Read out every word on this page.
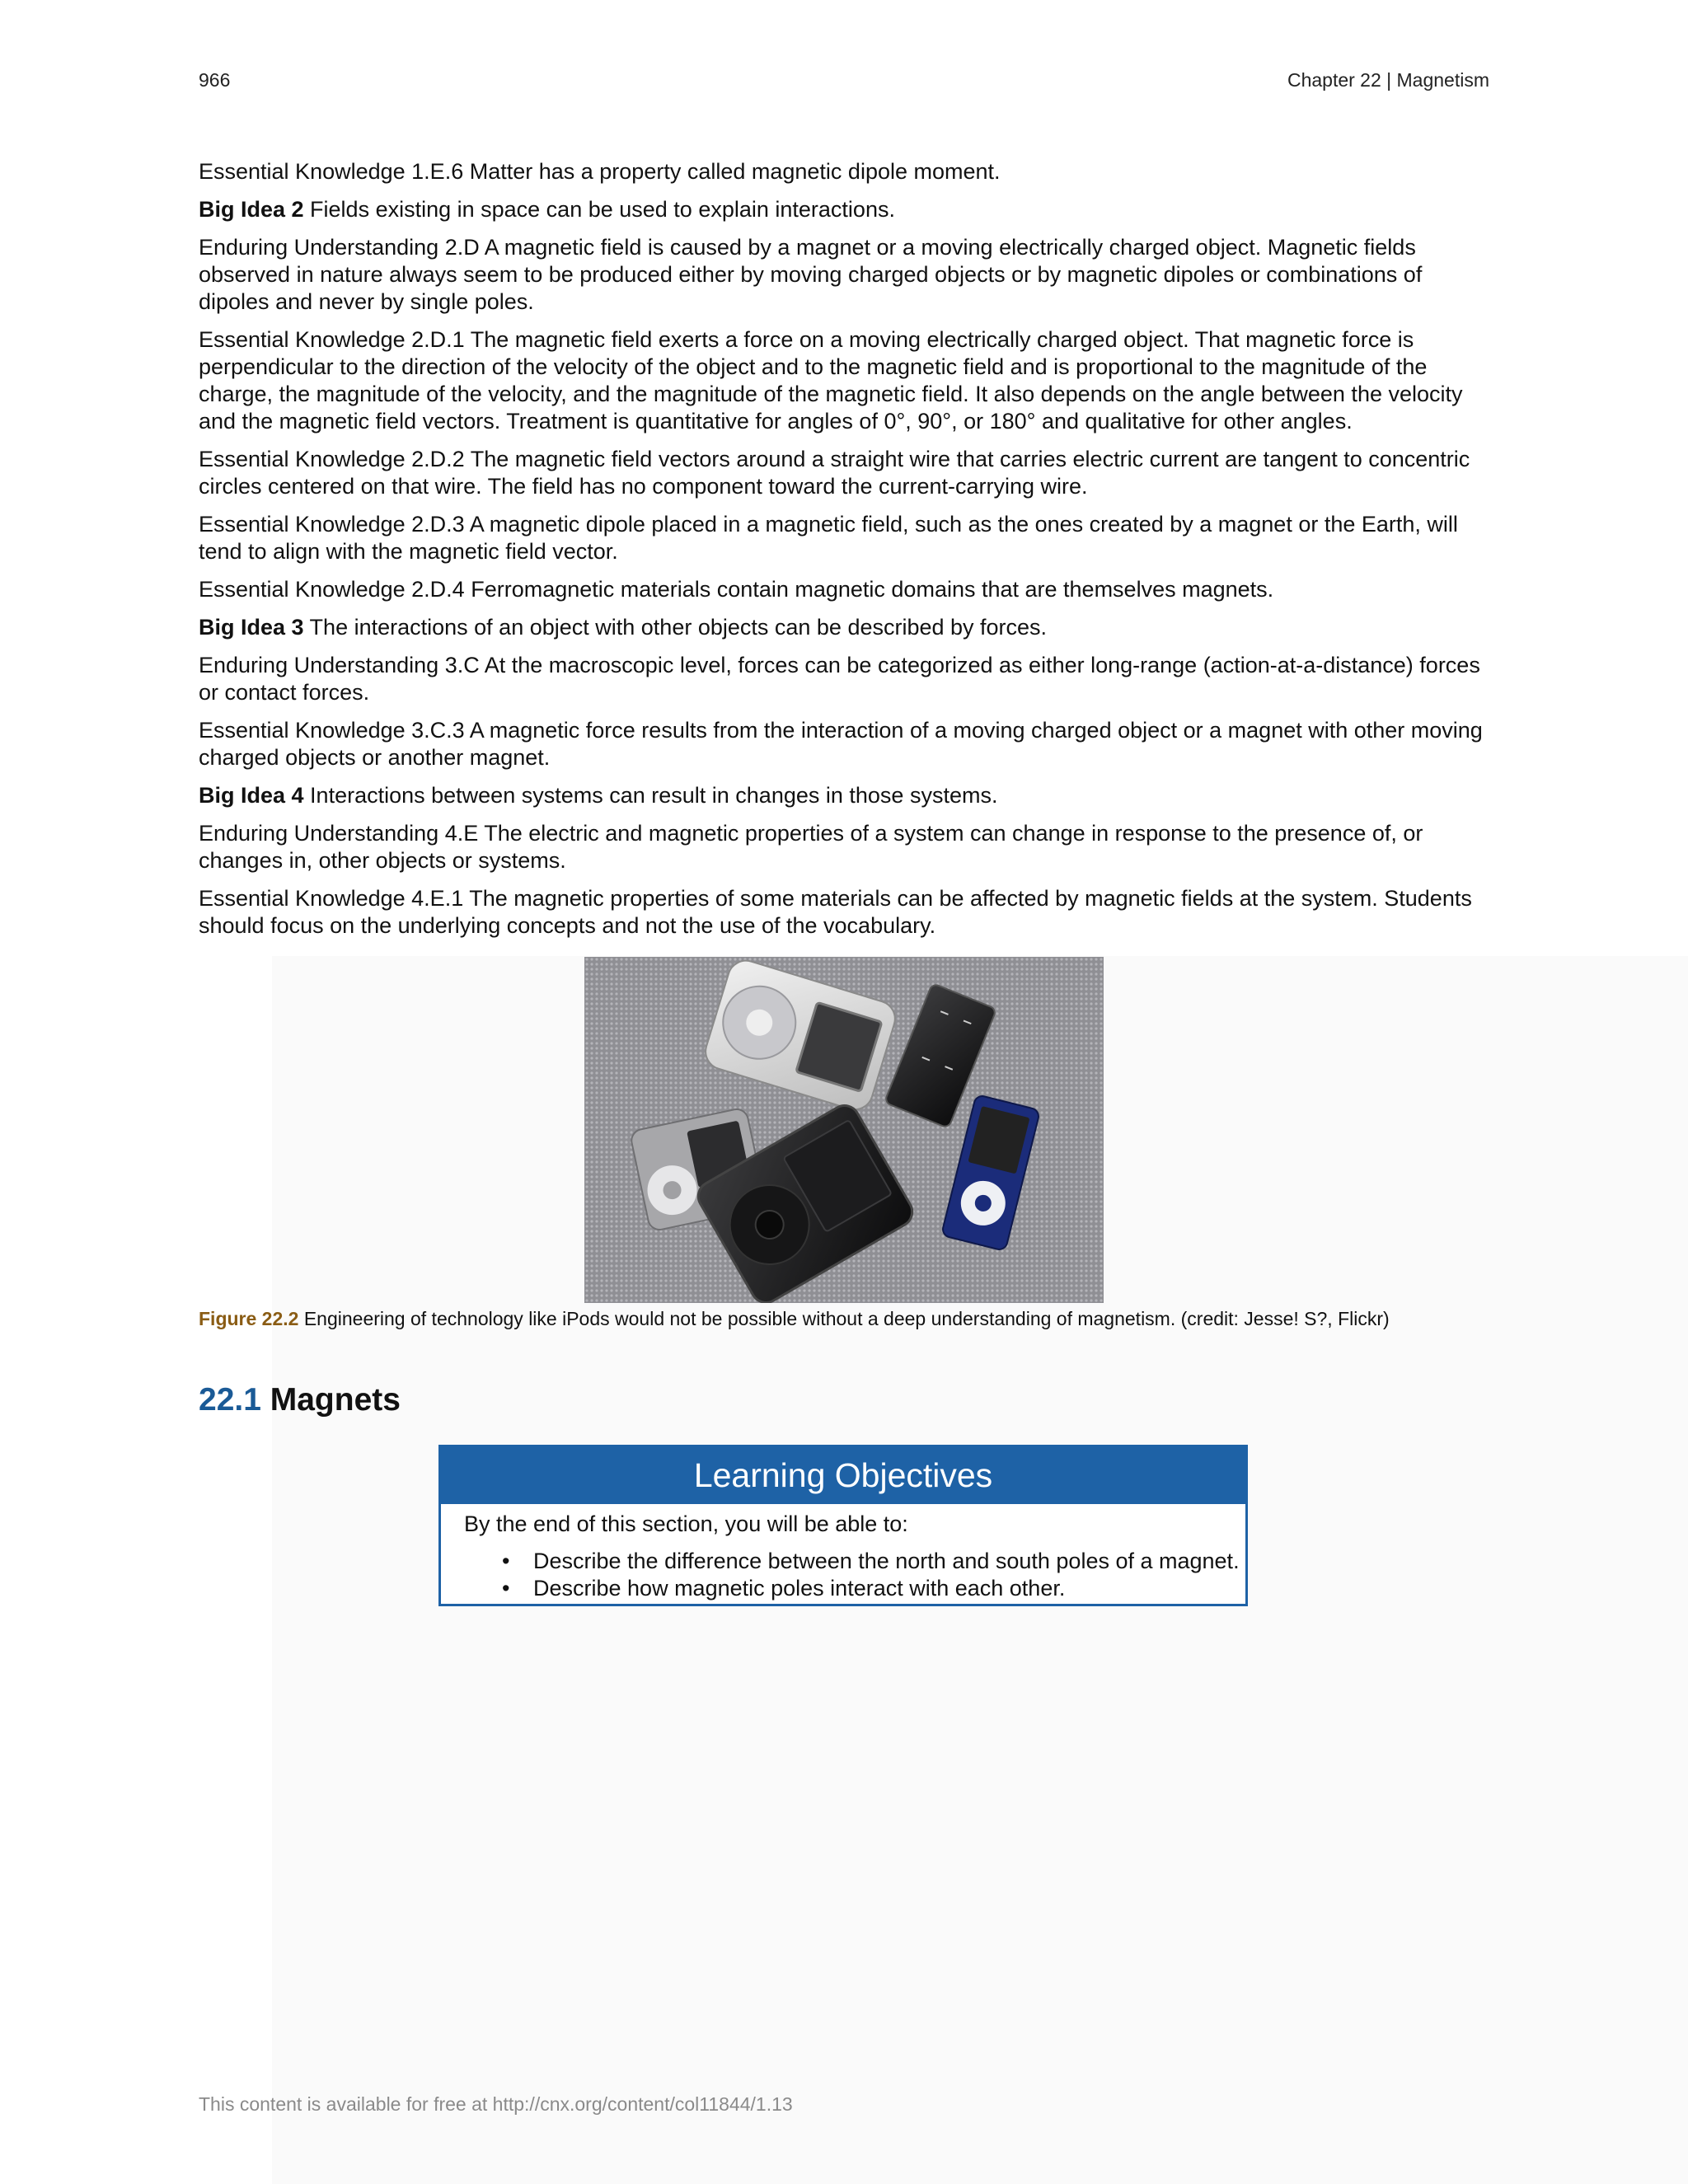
966	Chapter 22 | Magnetism

Essential Knowledge 1.E.6 Matter has a property called magnetic dipole moment.

Big Idea 2 Fields existing in space can be used to explain interactions.

Enduring Understanding 2.D A magnetic field is caused by a magnet or a moving electrically charged object. Magnetic fields observed in nature always seem to be produced either by moving charged objects or by magnetic dipoles or combinations of dipoles and never by single poles.

Essential Knowledge 2.D.1 The magnetic field exerts a force on a moving electrically charged object. That magnetic force is perpendicular to the direction of the velocity of the object and to the magnetic field and is proportional to the magnitude of the charge, the magnitude of the velocity, and the magnitude of the magnetic field. It also depends on the angle between the velocity and the magnetic field vectors. Treatment is quantitative for angles of 0°, 90°, or 180° and qualitative for other angles.

Essential Knowledge 2.D.2 The magnetic field vectors around a straight wire that carries electric current are tangent to concentric circles centered on that wire. The field has no component toward the current-carrying wire.

Essential Knowledge 2.D.3 A magnetic dipole placed in a magnetic field, such as the ones created by a magnet or the Earth, will tend to align with the magnetic field vector.

Essential Knowledge 2.D.4 Ferromagnetic materials contain magnetic domains that are themselves magnets.

Big Idea 3 The interactions of an object with other objects can be described by forces.

Enduring Understanding 3.C At the macroscopic level, forces can be categorized as either long-range (action-at-a-distance) forces or contact forces.

Essential Knowledge 3.C.3 A magnetic force results from the interaction of a moving charged object or a magnet with other moving charged objects or another magnet.

Big Idea 4 Interactions between systems can result in changes in those systems.

Enduring Understanding 4.E The electric and magnetic properties of a system can change in response to the presence of, or changes in, other objects or systems.

Essential Knowledge 4.E.1 The magnetic properties of some materials can be affected by magnetic fields at the system. Students should focus on the underlying concepts and not the use of the vocabulary.

Figure 22.2 Engineering of technology like iPods would not be possible without a deep understanding of magnetism. (credit: Jesse! S?, Flickr)
22.1 Magnets
Learning Objectives
By the end of this section, you will be able to:
• Describe the difference between the north and south poles of a magnet.
• Describe how magnetic poles interact with each other.
This content is available for free at http://cnx.org/content/col11844/1.13
